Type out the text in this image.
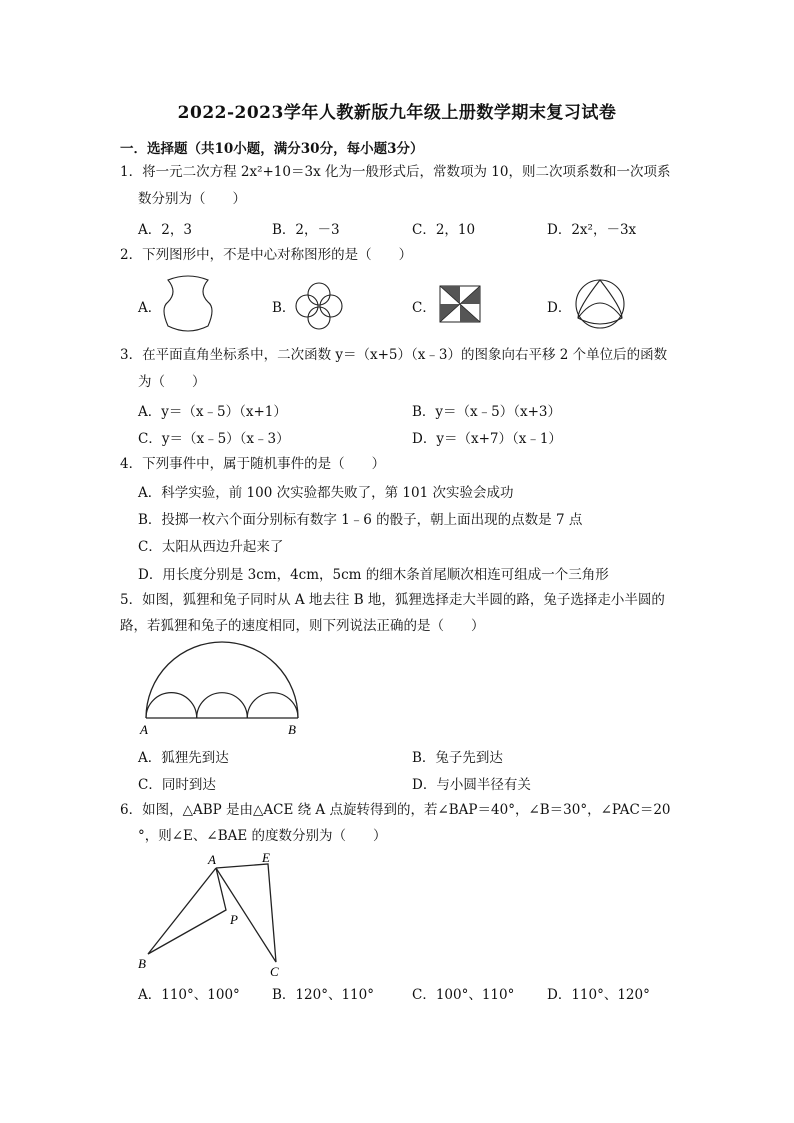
2022-2023学年人教新版九年级上册数学期末复习试卷
一．选择题（共10小题，满分30分，每小题3分）
1．将一元二次方程 2x²+10＝3x 化为一般形式后，常数项为 10，则二次项系数和一次项系
数分别为（　　）
A．2，3	B．2，－3	C．2，10	D．2x²，－3x
2．下列图形中，不是中心对称图形的是（　　）
A．	B．	C．	D．
3．在平面直角坐标系中，二次函数 y＝（x+5）（x﹣3）的图象向右平移 2 个单位后的函数
为（　　）
A．y＝（x﹣5）（x+1）	B．y＝（x﹣5）（x+3）
C．y＝（x﹣5）（x﹣3）	D．y＝（x+7）（x﹣1）
4．下列事件中，属于随机事件的是（　　）
A．科学实验，前 100 次实验都失败了，第 101 次实验会成功
B．投掷一枚六个面分别标有数字 1﹣6 的骰子，朝上面出现的点数是 7 点
C．太阳从西边升起来了
D．用长度分别是 3cm，4cm，5cm 的细木条首尾顺次相连可组成一个三角形
5．如图，狐狸和兔子同时从 A 地去往 B 地，狐狸选择走大半圆的路，兔子选择走小半圆的
路，若狐狸和兔子的速度相同，则下列说法正确的是（　　）
A	B
A．狐狸先到达	B．兔子先到达
C．同时到达	D．与小圆半径有关
6．如图，△ABP 是由△ACE 绕 A 点旋转得到的，若∠BAP＝40°，∠B＝30°，∠PAC＝20
°，则∠E、∠BAE 的度数分别为（　　）
A	E
P
B
C
A．110°、100° B．120°、110°	C．100°、110° D．110°、120°
